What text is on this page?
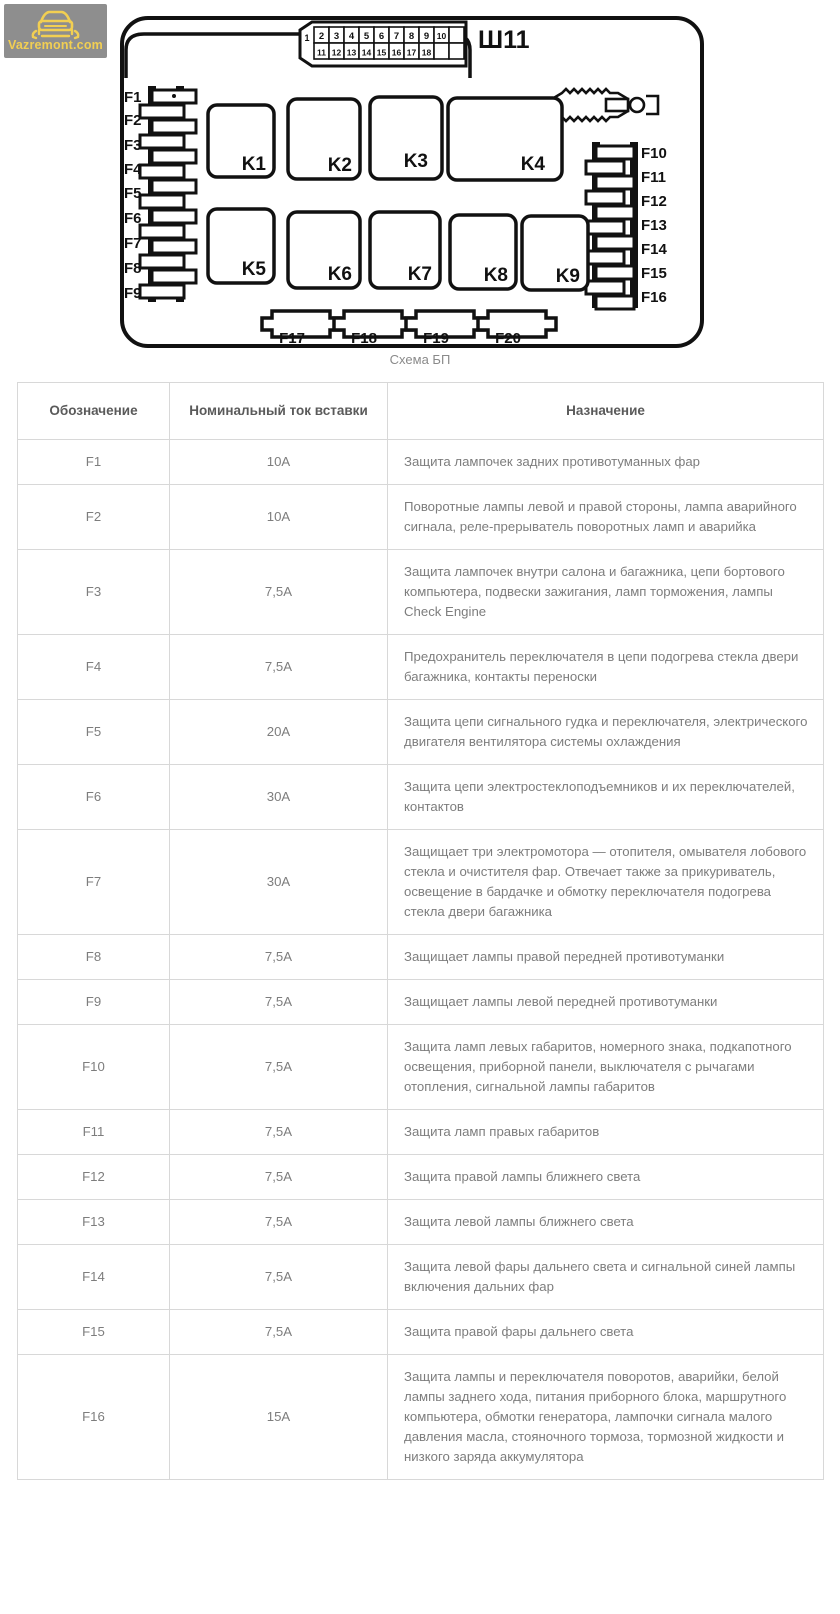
1 2 3 4 5 6 7 8 9 10
11 12 13 14 15 16 17 18 Ш11
F1
F2
F3
F4
F5
F6
F7
F8
F9
F10
F11
F12
F13
F14
F15
F16
K1	K2	K3	K4
K5	K6	K7	K8	K9
F17	F18	F19	F20
Vazremont.com
Схема БП
Обозначение	Номинальный ток вставки	Назначение
F1	10A	Защита лампочек задних противотуманных фар
F2	10A	Поворотные лампы левой и правой стороны, лампа аварийного сигнала, реле-прерыватель поворотных ламп и аварийка
F3	7,5A	Защита лампочек внутри салона и багажника, цепи бортового компьютера, подвески зажигания, ламп торможения, лампы Check Engine
F4	7,5A	Предохранитель переключателя в цепи подогрева стекла двери багажника, контакты переноски
F5	20A	Защита цепи сигнального гудка и переключателя, электрического двигателя вентилятора системы охлаждения
F6	30A	Защита цепи электростеклоподъемников и их переключателей, контактов
F7	30A	Защищает три электромотора — отопителя, омывателя лобового стекла и очистителя фар. Отвечает также за прикуриватель, освещение в бардачке и обмотку переключателя подогрева стекла двери багажника
F8	7,5A	Защищает лампы правой передней противотуманки
F9	7,5A	Защищает лампы левой передней противотуманки
F10	7,5A	Защита ламп левых габаритов, номерного знака, подкапотного освещения, приборной панели, выключателя с рычагами отопления, сигнальной лампы габаритов
F11	7,5A	Защита ламп правых габаритов
F12	7,5A	Защита правой лампы ближнего света
F13	7,5A	Защита левой лампы ближнего света
F14	7,5A	Защита левой фары дальнего света и сигнальной синей лампы включения дальних фар
F15	7,5A	Защита правой фары дальнего света
F16	15A	Защита лампы и переключателя поворотов, аварийки, белой лампы заднего хода, питания приборного блока, маршрутного компьютера, обмотки генератора, лампочки сигнала малого давления масла, стояночного тормоза, тормозной жидкости и низкого заряда аккумулятора
